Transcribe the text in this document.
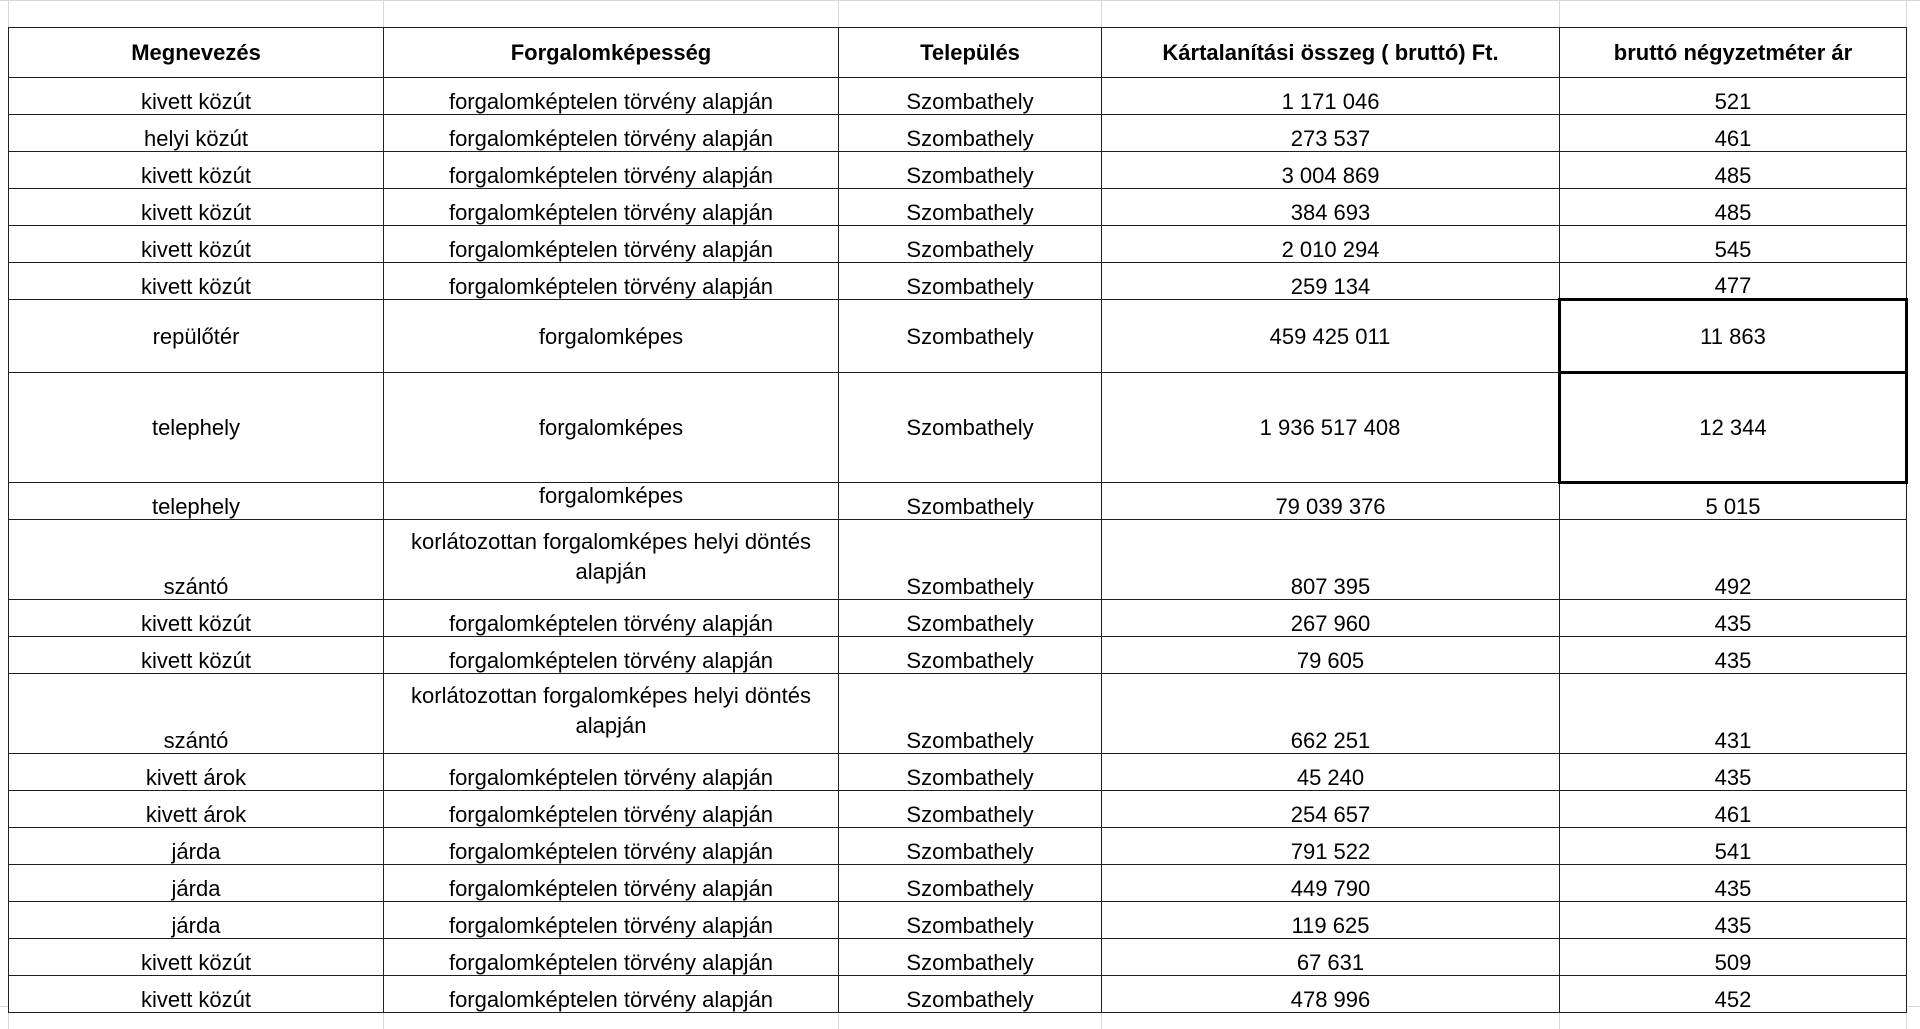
Megnevezés	Forgalomképesség	Település	Kártalanítási összeg ( bruttó) Ft.	bruttó négyzetméter ár
kivett közút	forgalomképtelen törvény alapján	Szombathely	1 171 046	521
helyi közút	forgalomképtelen törvény alapján	Szombathely	273 537	461
kivett közút	forgalomképtelen törvény alapján	Szombathely	3 004 869	485
kivett közút	forgalomképtelen törvény alapján	Szombathely	384 693	485
kivett közút	forgalomképtelen törvény alapján	Szombathely	2 010 294	545
kivett közút	forgalomképtelen törvény alapján	Szombathely	259 134	477
repülőtér	forgalomképes	Szombathely	459 425 011	11 863
telephely	forgalomképes	Szombathely	1 936 517 408	12 344
telephely	forgalomképes	Szombathely	79 039 376	5 015
szántó	korlátozottan forgalomképes helyi döntés alapján	Szombathely	807 395	492
kivett közút	forgalomképtelen törvény alapján	Szombathely	267 960	435
kivett közút	forgalomképtelen törvény alapján	Szombathely	79 605	435
szántó	korlátozottan forgalomképes helyi döntés alapján	Szombathely	662 251	431
kivett árok	forgalomképtelen törvény alapján	Szombathely	45 240	435
kivett árok	forgalomképtelen törvény alapján	Szombathely	254 657	461
járda	forgalomképtelen törvény alapján	Szombathely	791 522	541
járda	forgalomképtelen törvény alapján	Szombathely	449 790	435
járda	forgalomképtelen törvény alapján	Szombathely	119 625	435
kivett közút	forgalomképtelen törvény alapján	Szombathely	67 631	509
kivett közút	forgalomképtelen törvény alapján	Szombathely	478 996	452
